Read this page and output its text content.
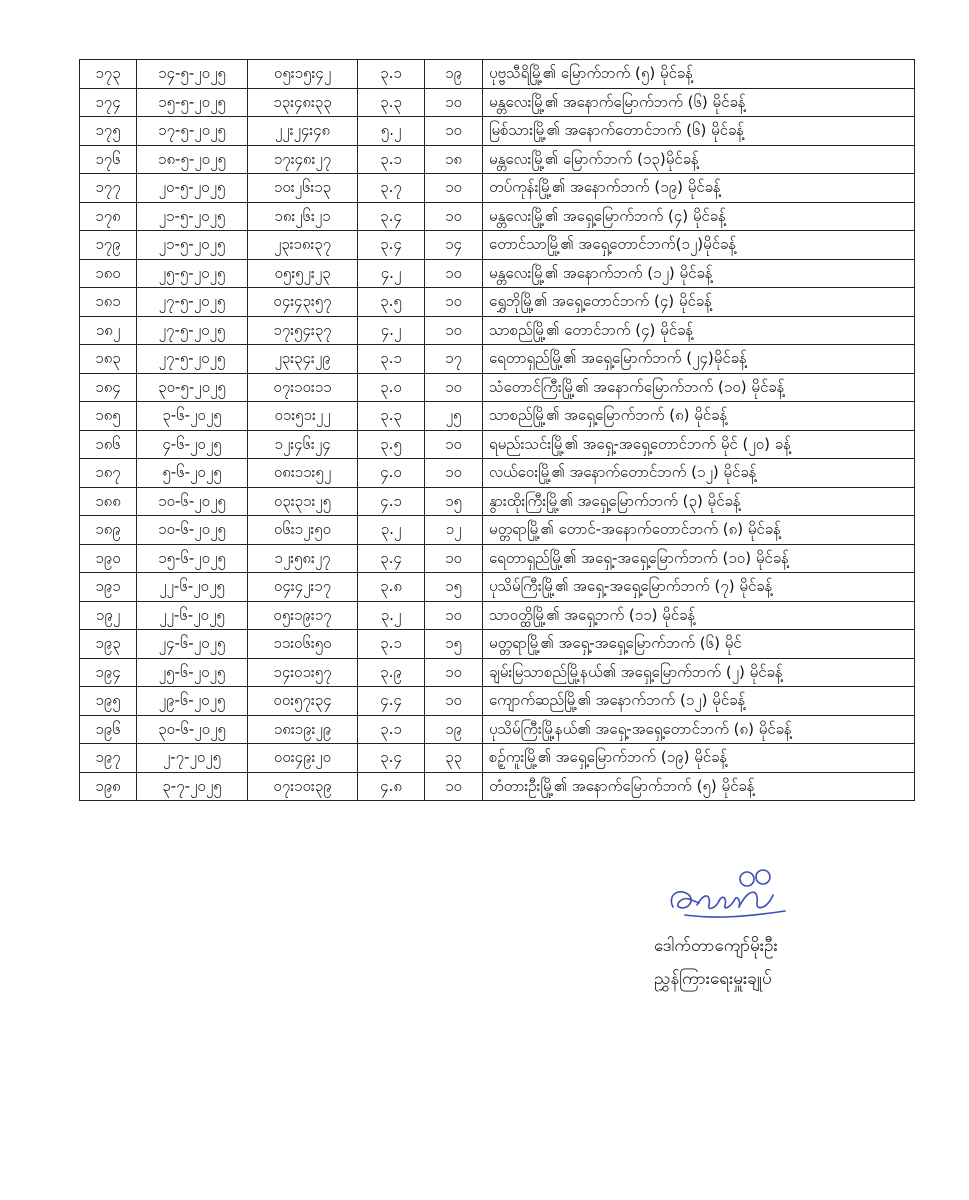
၁၇၃	၁၄-၅-၂၀၂၅	၀၅း၁၅း၄၂	၃.၁	၁၉	ပုဗ္ဗသီရိမြို့၏ မြောက်ဘက် (၅) မိုင်ခန့်
၁၇၄	၁၅-၅-၂၀၂၅	၁၃း၄၈း၃၃	၃.၃	၁၀	မန္တလေးမြို့၏ အနောက်မြောက်ဘက် (၆) မိုင်ခန့်
၁၇၅	၁၇-၅-၂၀၂၅	၂၂း၂၄း၄၈	၅.၂	၁၀	မြစ်သားမြို့၏ အနောက်တောင်ဘက် (၆) မိုင်ခန့်
၁၇၆	၁၈-၅-၂၀၂၅	၁၇း၄၈း၂၇	၃.၁	၁၈	မန္တလေးမြို့၏ မြောက်ဘက် (၁၃)မိုင်ခန့်
၁၇၇	၂၀-၅-၂၀၂၅	၁၀း၂၆း၁၃	၃.၇	၁၀	တပ်ကုန်းမြို့၏ အနောက်ဘက် (၁၉) မိုင်ခန့်
၁၇၈	၂၁-၅-၂၀၂၅	၁၈း၂၆း၂၁	၃.၄	၁၀	မန္တလေးမြို့၏ အရှေ့မြောက်ဘက် (၄) မိုင်ခန့်
၁၇၉	၂၁-၅-၂၀၂၅	၂၃း၁၈း၃၇	၃.၄	၁၄	တောင်သာမြို့၏ အရှေ့တောင်ဘက်(၁၂)မိုင်ခန့်
၁၈၀	၂၅-၅-၂၀၂၅	၀၅း၅၂း၂၃	၄.၂	၁၀	မန္တလေးမြို့၏ အနောက်ဘက် (၁၂) မိုင်ခန့်
၁၈၁	၂၇-၅-၂၀၂၅	၀၄း၄၃း၅၇	၃.၅	၁၀	ရွှေဘိုမြို့၏ အရှေ့တောင်ဘက် (၄) မိုင်ခန့်
၁၈၂	၂၇-၅-၂၀၂၅	၁၇း၅၄း၃၇	၄.၂	၁၀	သာစည်မြို့၏ တောင်ဘက် (၄) မိုင်ခန့်
၁၈၃	၂၇-၅-၂၀၂၅	၂၃း၃၄း၂၉	၃.၁	၁၇	ရေတာရှည်မြို့၏ အရှေ့မြောက်ဘက် (၂၄)မိုင်ခန့်
၁၈၄	၃၀-၅-၂၀၂၅	၀၇း၁၀း၁၁	၃.၀	၁၀	သံတောင်ကြီးမြို့၏ အနောက်မြောက်ဘက် (၁၀) မိုင်ခန့်
၁၈၅	၃-၆-၂၀၂၅	၀၁း၅၁း၂၂	၃.၃	၂၅	သာစည်မြို့၏ အရှေ့မြောက်ဘက် (၈) မိုင်ခန့်
၁၈၆	၄-၆-၂၀၂၅	၁၂း၄၆း၂၄	၃.၅	၁၀	ရမည်းသင်းမြို့၏ အရှေ့-အရှေ့တောင်ဘက် မိုင် (၂၀) ခန့်
၁၈၇	၅-၆-၂၀၂၅	၀၈း၁၁း၅၂	၄.၀	၁၀	လယ်ဝေးမြို့၏ အနောက်တောင်ဘက် (၁၂) မိုင်ခန့်
၁၈၈	၁၀-၆-၂၀၂၅	၀၃း၃၁း၂၅	၄.၁	၁၅	နွားထိုးကြီးမြို့၏ အရှေ့မြောက်ဘက် (၃) မိုင်ခန့်
၁၈၉	၁၀-၆-၂၀၂၅	၀၆း၁၂း၅၀	၃.၂	၁၂	မတ္တရာမြို့၏ တောင်-အနောက်တောင်ဘက် (၈) မိုင်ခန့်
၁၉၀	၁၅-၆-၂၀၂၅	၁၂း၅၈း၂၇	၃.၄	၁၀	ရေတာရှည်မြို့၏ အရှေ့-အရှေ့မြောက်ဘက် (၁၀) မိုင်ခန့်
၁၉၁	၂၂-၆-၂၀၂၅	၀၄း၄၂း၁၇	၃.၈	၁၅	ပုသိမ်ကြီးမြို့၏ အရှေ့-အရှေ့မြောက်ဘက် (၇) မိုင်ခန့်
၁၉၂	၂၂-၆-၂၀၂၅	၀၅း၁၉း၁၇	၃.၂	၁၀	သာဝတ္ထိမြို့၏ အရှေ့ဘက် (၁၁) မိုင်ခန့်
၁၉၃	၂၄-၆-၂၀၂၅	၁၁း၀၆း၅၀	၃.၁	၁၅	မတ္တရာမြို့၏ အရှေ့-အရှေ့မြောက်ဘက် (၆) မိုင်
၁၉၄	၂၅-၆-၂၀၂၅	၁၄း၀၁း၅၇	၃.၉	၁၀	ချမ်းမြသာစည်မြို့နယ်၏ အရှေ့မြောက်ဘက် (၂) မိုင်ခန့်
၁၉၅	၂၉-၆-၂၀၂၅	၀၀း၅၇း၃၄	၄.၄	၁၀	ကျောက်ဆည်မြို့၏ အနောက်ဘက် (၁၂) မိုင်ခန့်
၁၉၆	၃၀-၆-၂၀၂၅	၁၈း၁၉း၂၉	၃.၁	၁၉	ပုသိမ်ကြီးမြို့နယ်၏ အရှေ့-အရှေ့တောင်ဘက် (၈) မိုင်ခန့်
၁၉၇	၂-၇-၂၀၂၅	၀၀း၄၉း၂၀	၃.၄	၃၃	စဥ့်ကူးမြို့၏ အရှေ့မြောက်ဘက် (၁၉) မိုင်ခန့်
၁၉၈	၃-၇-၂၀၂၅	၀၇း၁၀း၃၉	၄.၈	၁၀	တံတားဦးမြို့၏ အနောက်မြောက်ဘက် (၅) မိုင်ခန့်
ဒေါက်တာကျော်မိုးဦး
ညွှန်ကြားရေးမှူးချုပ်
